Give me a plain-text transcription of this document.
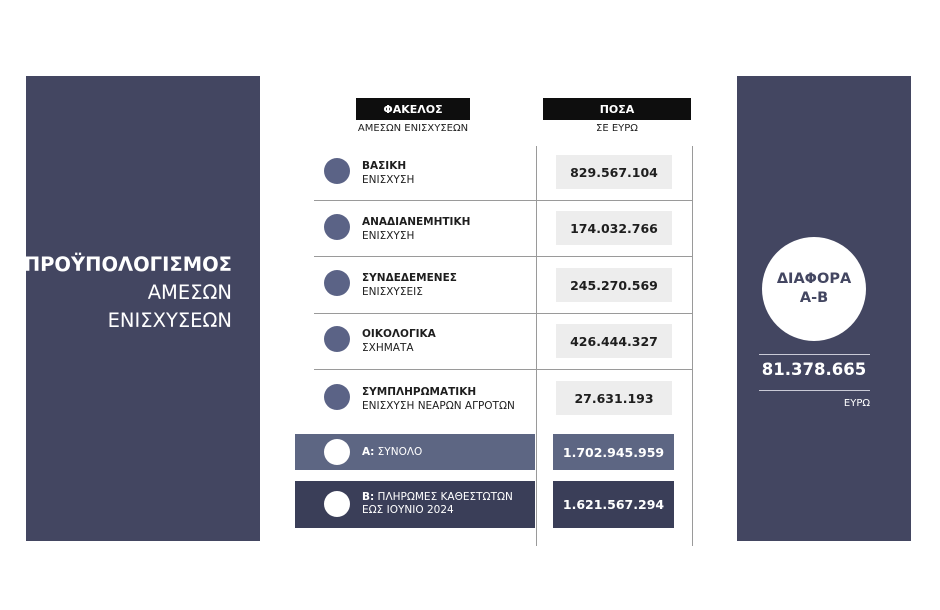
ΠΡΟΫΠΟΛΟΓΙΣΜΟΣ
ΑΜΕΣΩΝ
ΕΝΙΣΧΥΣΕΩΝ
ΦΑΚΕΛΟΣ
ΑΜΕΣΩΝ ΕΝΙΣΧΥΣΕΩΝ
ΠΟΣΑ
ΣΕ ΕΥΡΩ
ΒΑΣΙΚΗ
ΕΝΙΣΧΥΣΗ	829.567.104
ΑΝΑΔΙΑΝΕΜΗΤΙΚΗ
ΕΝΙΣΧΥΣΗ	174.032.766
ΣΥΝΔΕΔΕΜΕΝΕΣ
ΕΝΙΣΧΥΣΕΙΣ	245.270.569
ΟΙΚΟΛΟΓΙΚΑ
ΣΧΗΜΑΤΑ	426.444.327
ΣΥΜΠΛΗΡΩΜΑΤΙΚΗ
ΕΝΙΣΧΥΣΗ ΝΕΑΡΩΝ ΑΓΡΟΤΩΝ	27.631.193
Α: ΣΥΝΟΛΟ	1.702.945.959
Β: ΠΛΗΡΩΜΕΣ ΚΑΘΕΣΤΩΤΩΝ
ΕΩΣ ΙΟΥΝΙΟ 2024	1.621.567.294
ΔΙΑΦΟΡΑ
Α-Β
81.378.665
ΕΥΡΩ
